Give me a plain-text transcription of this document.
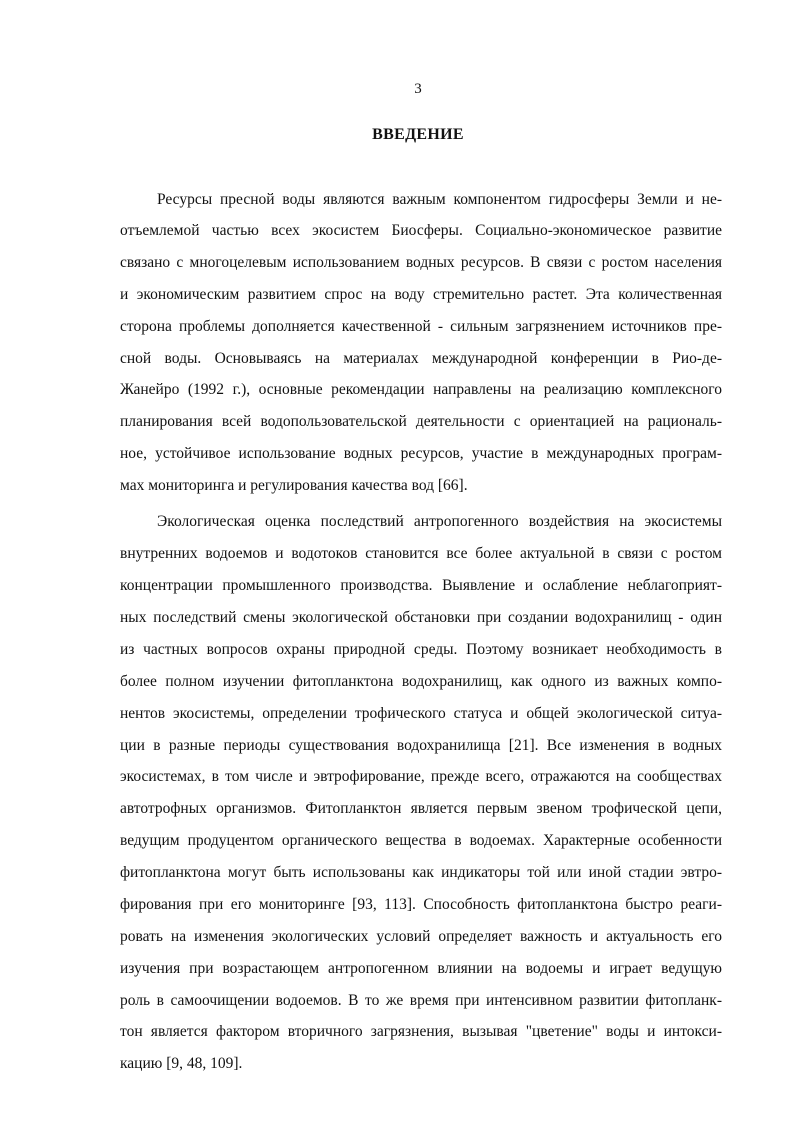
3
ВВЕДЕНИЕ
Ресурсы пресной воды являются важным компонентом гидросферы Земли и не-
отъемлемой частью всех экосистем Биосферы. Социально-экономическое развитие
связано с многоцелевым использованием водных ресурсов. В связи с ростом населения
и экономическим развитием спрос на воду стремительно растет. Эта количественная
сторона проблемы дополняется качественной - сильным загрязнением источников пре-
сной воды. Основываясь на материалах международной конференции в Рио-де-
Жанейро (1992 г.), основные рекомендации направлены на реализацию комплексного
планирования всей водопользовательской деятельности с ориентацией на рациональ-
ное, устойчивое использование водных ресурсов, участие в международных програм-
мах мониторинга и регулирования качества вод [66].
Экологическая оценка последствий антропогенного воздействия на экосистемы
внутренних водоемов и водотоков становится все более актуальной в связи с ростом
концентрации промышленного производства. Выявление и ослабление неблагоприят-
ных последствий смены экологической обстановки при создании водохранилищ - один
из частных вопросов охраны природной среды. Поэтому возникает необходимость в
более полном изучении фитопланктона водохранилищ, как одного из важных компо-
нентов экосистемы, определении трофического статуса и общей экологической ситуа-
ции в разные периоды существования водохранилища [21]. Все изменения в водных
экосистемах, в том числе и эвтрофирование, прежде всего, отражаются на сообществах
автотрофных организмов. Фитопланктон является первым звеном трофической цепи,
ведущим продуцентом органического вещества в водоемах. Характерные особенности
фитопланктона могут быть использованы как индикаторы той или иной стадии эвтро-
фирования при его мониторинге [93, 113]. Способность фитопланктона быстро реаги-
ровать на изменения экологических условий определяет важность и актуальность его
изучения при возрастающем антропогенном влиянии на водоемы и играет ведущую
роль в самоочищении водоемов. В то же время при интенсивном развитии фитопланк-
тон является фактором вторичного загрязнения, вызывая "цветение" воды и интокси-
кацию [9, 48, 109].
